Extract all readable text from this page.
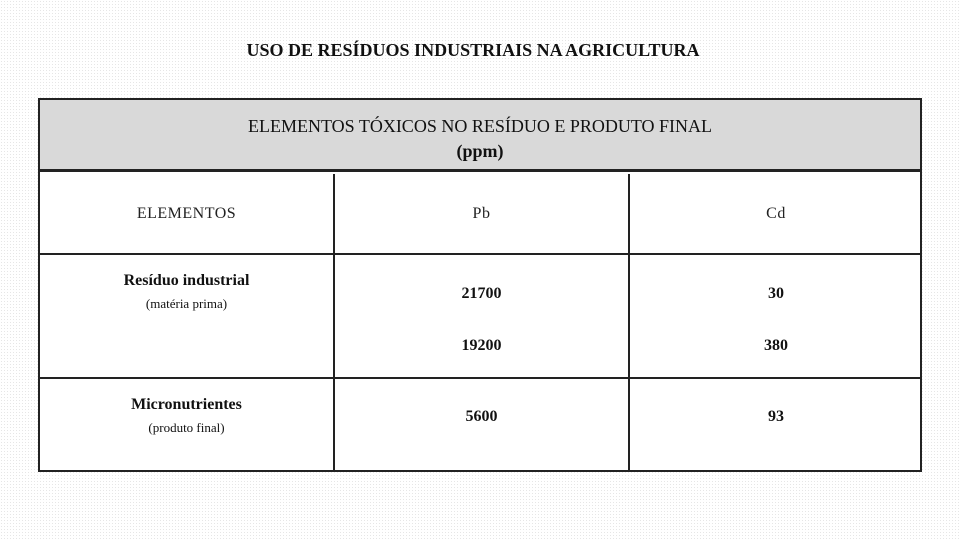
USO DE RESÍDUOS INDUSTRIAIS NA AGRICULTURA
ELEMENTOS TÓXICOS NO RESÍDUO E PRODUTO FINAL
(ppm)
ELEMENTOS	Pb	Cd
Resíduo industrial
(matéria prima)
21700	30
19200	380
Micronutrientes
(produto final)
5600	93
